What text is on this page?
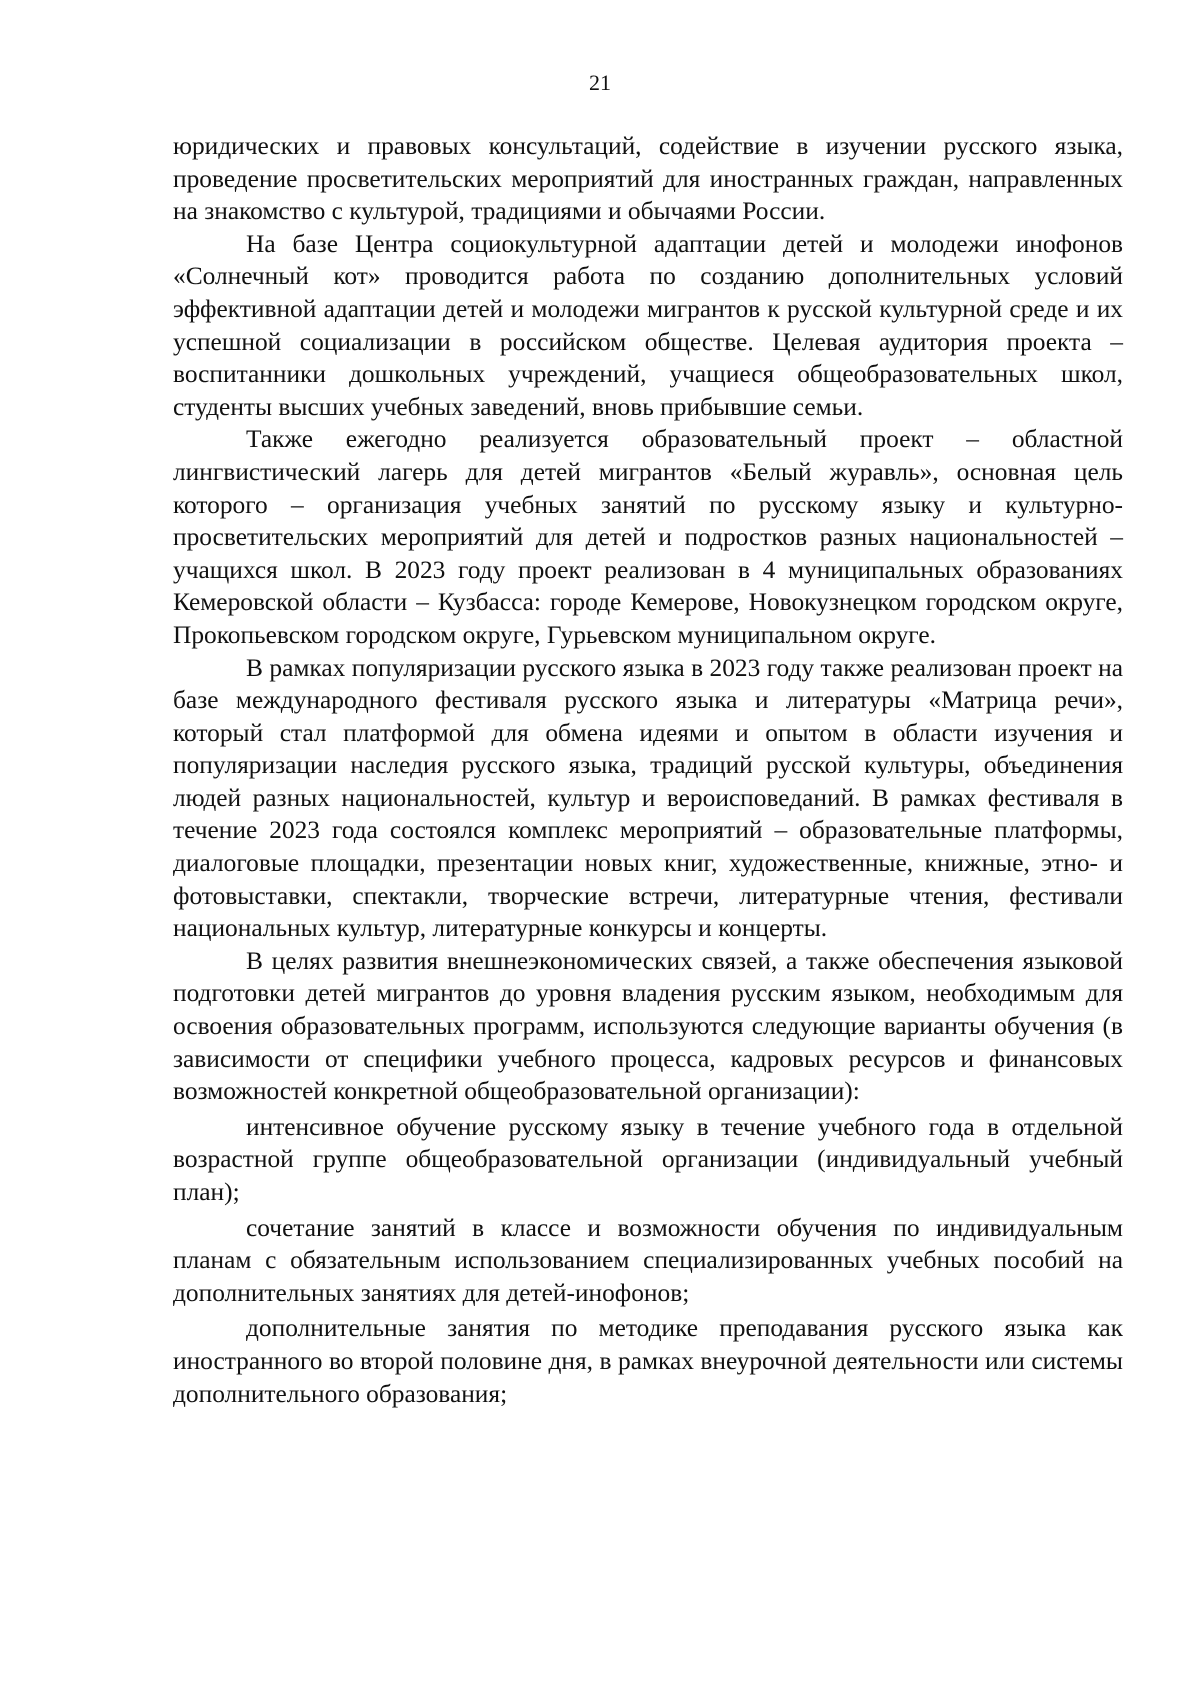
21

юридических и правовых консультаций, содействие в изучении русского языка, проведение просветительских мероприятий для иностранных граждан, направленных на знакомство с культурой, традициями и обычаями России.

На базе Центра социокультурной адаптации детей и молодежи инофонов «Солнечный кот» проводится работа по созданию дополнительных условий эффективной адаптации детей и молодежи мигрантов к русской культурной среде и их успешной социализации в российском обществе. Целевая аудитория проекта – воспитанники дошкольных учреждений, учащиеся общеобразовательных школ, студенты высших учебных заведений, вновь прибывшие семьи.

Также ежегодно реализуется образовательный проект – областной лингвистический лагерь для детей мигрантов «Белый журавль», основная цель которого – организация учебных занятий по русскому языку и культурно-просветительских мероприятий для детей и подростков разных национальностей – учащихся школ. В 2023 году проект реализован в 4 муниципальных образованиях Кемеровской области – Кузбасса: городе Кемерове, Новокузнецком городском округе, Прокопьевском городском округе, Гурьевском муниципальном округе.

В рамках популяризации русского языка в 2023 году также реализован проект на базе международного фестиваля русского языка и литературы «Матрица речи», который стал платформой для обмена идеями и опытом в области изучения и популяризации наследия русского языка, традиций русской культуры, объединения людей разных национальностей, культур и вероисповеданий. В рамках фестиваля в течение 2023 года состоялся комплекс мероприятий – образовательные платформы, диалоговые площадки, презентации новых книг, художественные, книжные, этно- и фотовыставки, спектакли, творческие встречи, литературные чтения, фестивали национальных культур, литературные конкурсы и концерты.

В целях развития внешнеэкономических связей, а также обеспечения языковой подготовки детей мигрантов до уровня владения русским языком, необходимым для освоения образовательных программ, используются следующие варианты обучения (в зависимости от специфики учебного процесса, кадровых ресурсов и финансовых возможностей конкретной общеобразовательной организации):

интенсивное обучение русскому языку в течение учебного года в отдельной возрастной группе общеобразовательной организации (индивидуальный учебный план);

сочетание занятий в классе и возможности обучения по индивидуальным планам с обязательным использованием специализированных учебных пособий на дополнительных занятиях для детей-инофонов;

дополнительные занятия по методике преподавания русского языка как иностранного во второй половине дня, в рамках внеурочной деятельности или системы дополнительного образования;
